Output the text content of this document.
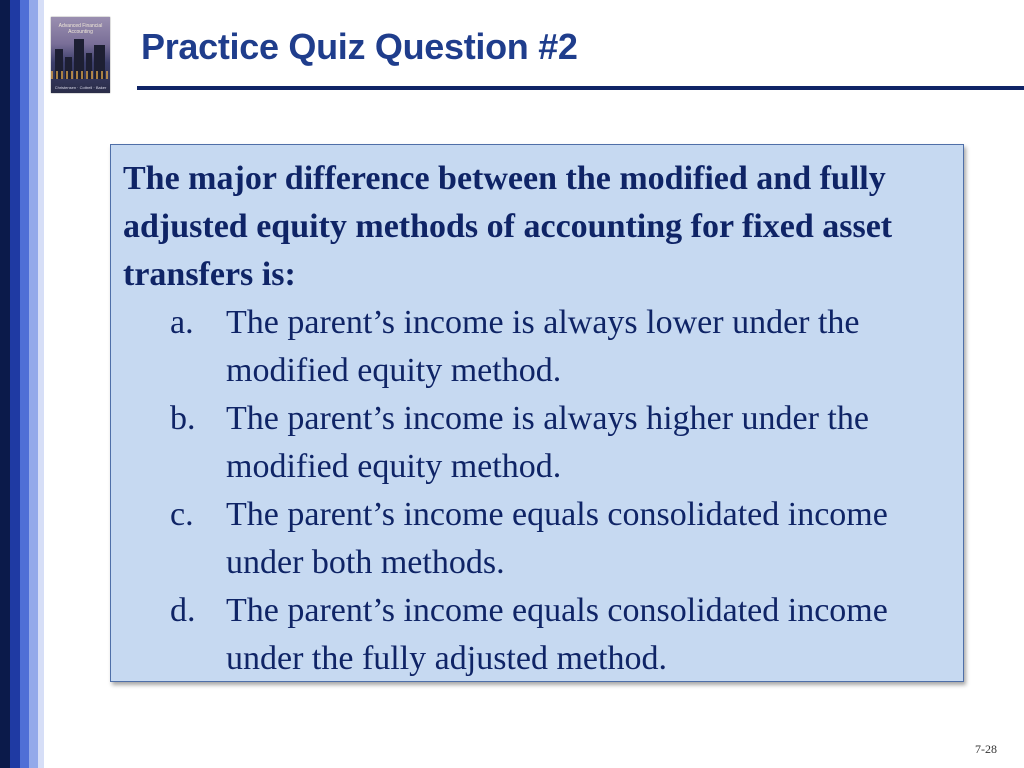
Advanced Financial Accounting
Christensen · Cottrell · Baker
Practice Quiz Question #2

The major difference between the modified and fully adjusted equity methods of accounting for fixed asset transfers is:

a. The parent’s income is always lower under the modified equity method.
b. The parent’s income is always higher under the modified equity method.
c. The parent’s income equals consolidated income under both methods.
d. The parent’s income equals consolidated income under the fully adjusted method.
7-28
